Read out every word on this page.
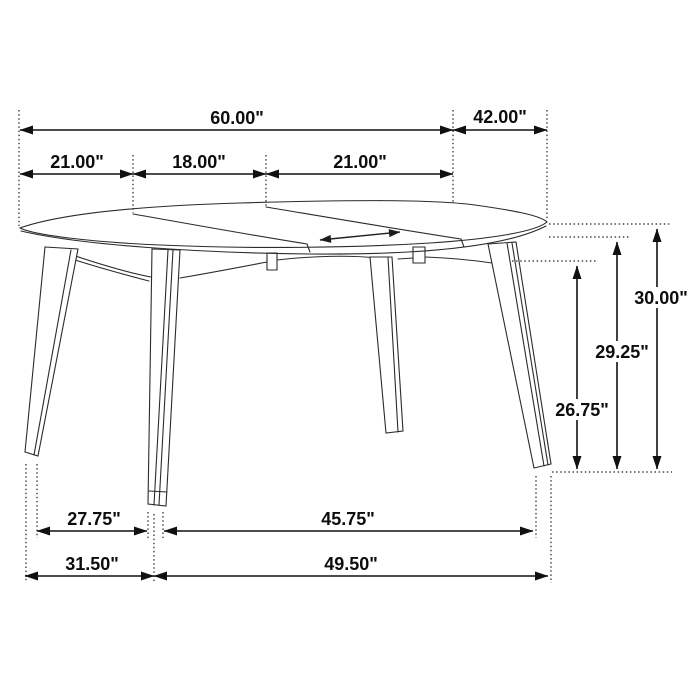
60.00"	42.00"
21.00"	18.00"	21.00"
30.00"
29.25"
26.75"
27.75"	45.75"
31.50"	49.50"
